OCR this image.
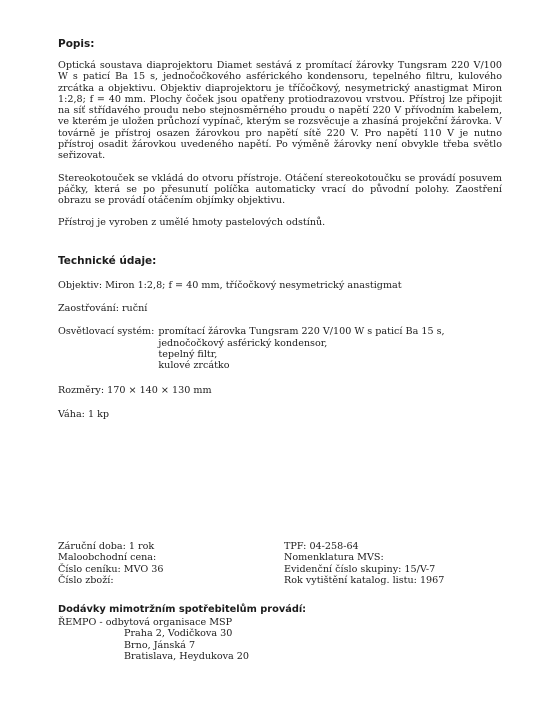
Popis:

Optická soustava diaprojektoru Diamet sestává z promítací žárovky Tungsram 220 V/100 W s paticí Ba 15 s, jednočočkového asférického kondensoru, tepelného filtru, kulového zrcátka a objektivu. Objektiv diaprojektoru je tříčočkový, nesymetrický anastigmat Miron 1:2,8; f = 40 mm. Plochy čoček jsou opatřeny protiodrazovou vrstvou. Přístroj lze připojit na síť střídavého proudu nebo stejnosměrného proudu o napětí 220 V přívodním kabelem, ve kterém je uložen průchozí vypínač, kterým se rozsvěcuje a zhasíná projekční žárovka. V továrně je přístroj osazen žárovkou pro napětí sítě 220 V. Pro napětí 110 V je nutno přístroj osadit žárovkou uvedeného napětí. Po výměně žárovky není obvykle třeba světlo seřizovat.

Stereokotouček se vkládá do otvoru přístroje. Otáčení stereokotoučku se provádí posuvem páčky, která se po přesunutí políčka automaticky vrací do původní polohy. Zaostření obrazu se provádí otáčením objímky objektivu.

Přístroj je vyroben z umělé hmoty pastelových odstínů.

Technické údaje:

Objektiv: Miron 1:2,8; f = 40 mm, tříčočkový nesymetrický anastigmat

Zaostřování: ruční

Osvětlovací systém: promítací žárovka Tungsram 220 V/100 W s paticí Ba 15 s,
jednočočkový asférický kondensor,
tepelný filtr,
kulové zrcátko

Rozměry: 170 × 140 × 130 mm

Váha: 1 kp

Záruční doba: 1 rok
Maloobchodní cena:
Číslo ceníku: MVO 36
Číslo zboží:
TPF: 04-258-64
Nomenklatura MVS:
Evidenční číslo skupiny: 15/V-7
Rok vytištění katalog. listu: 1967

Dodávky mimotržním spotřebitelům provádí:

ŘEMPO - odbytová organisace MSP
Praha 2, Vodičkova 30
Brno, Jánská 7
Bratislava, Heydukova 20
